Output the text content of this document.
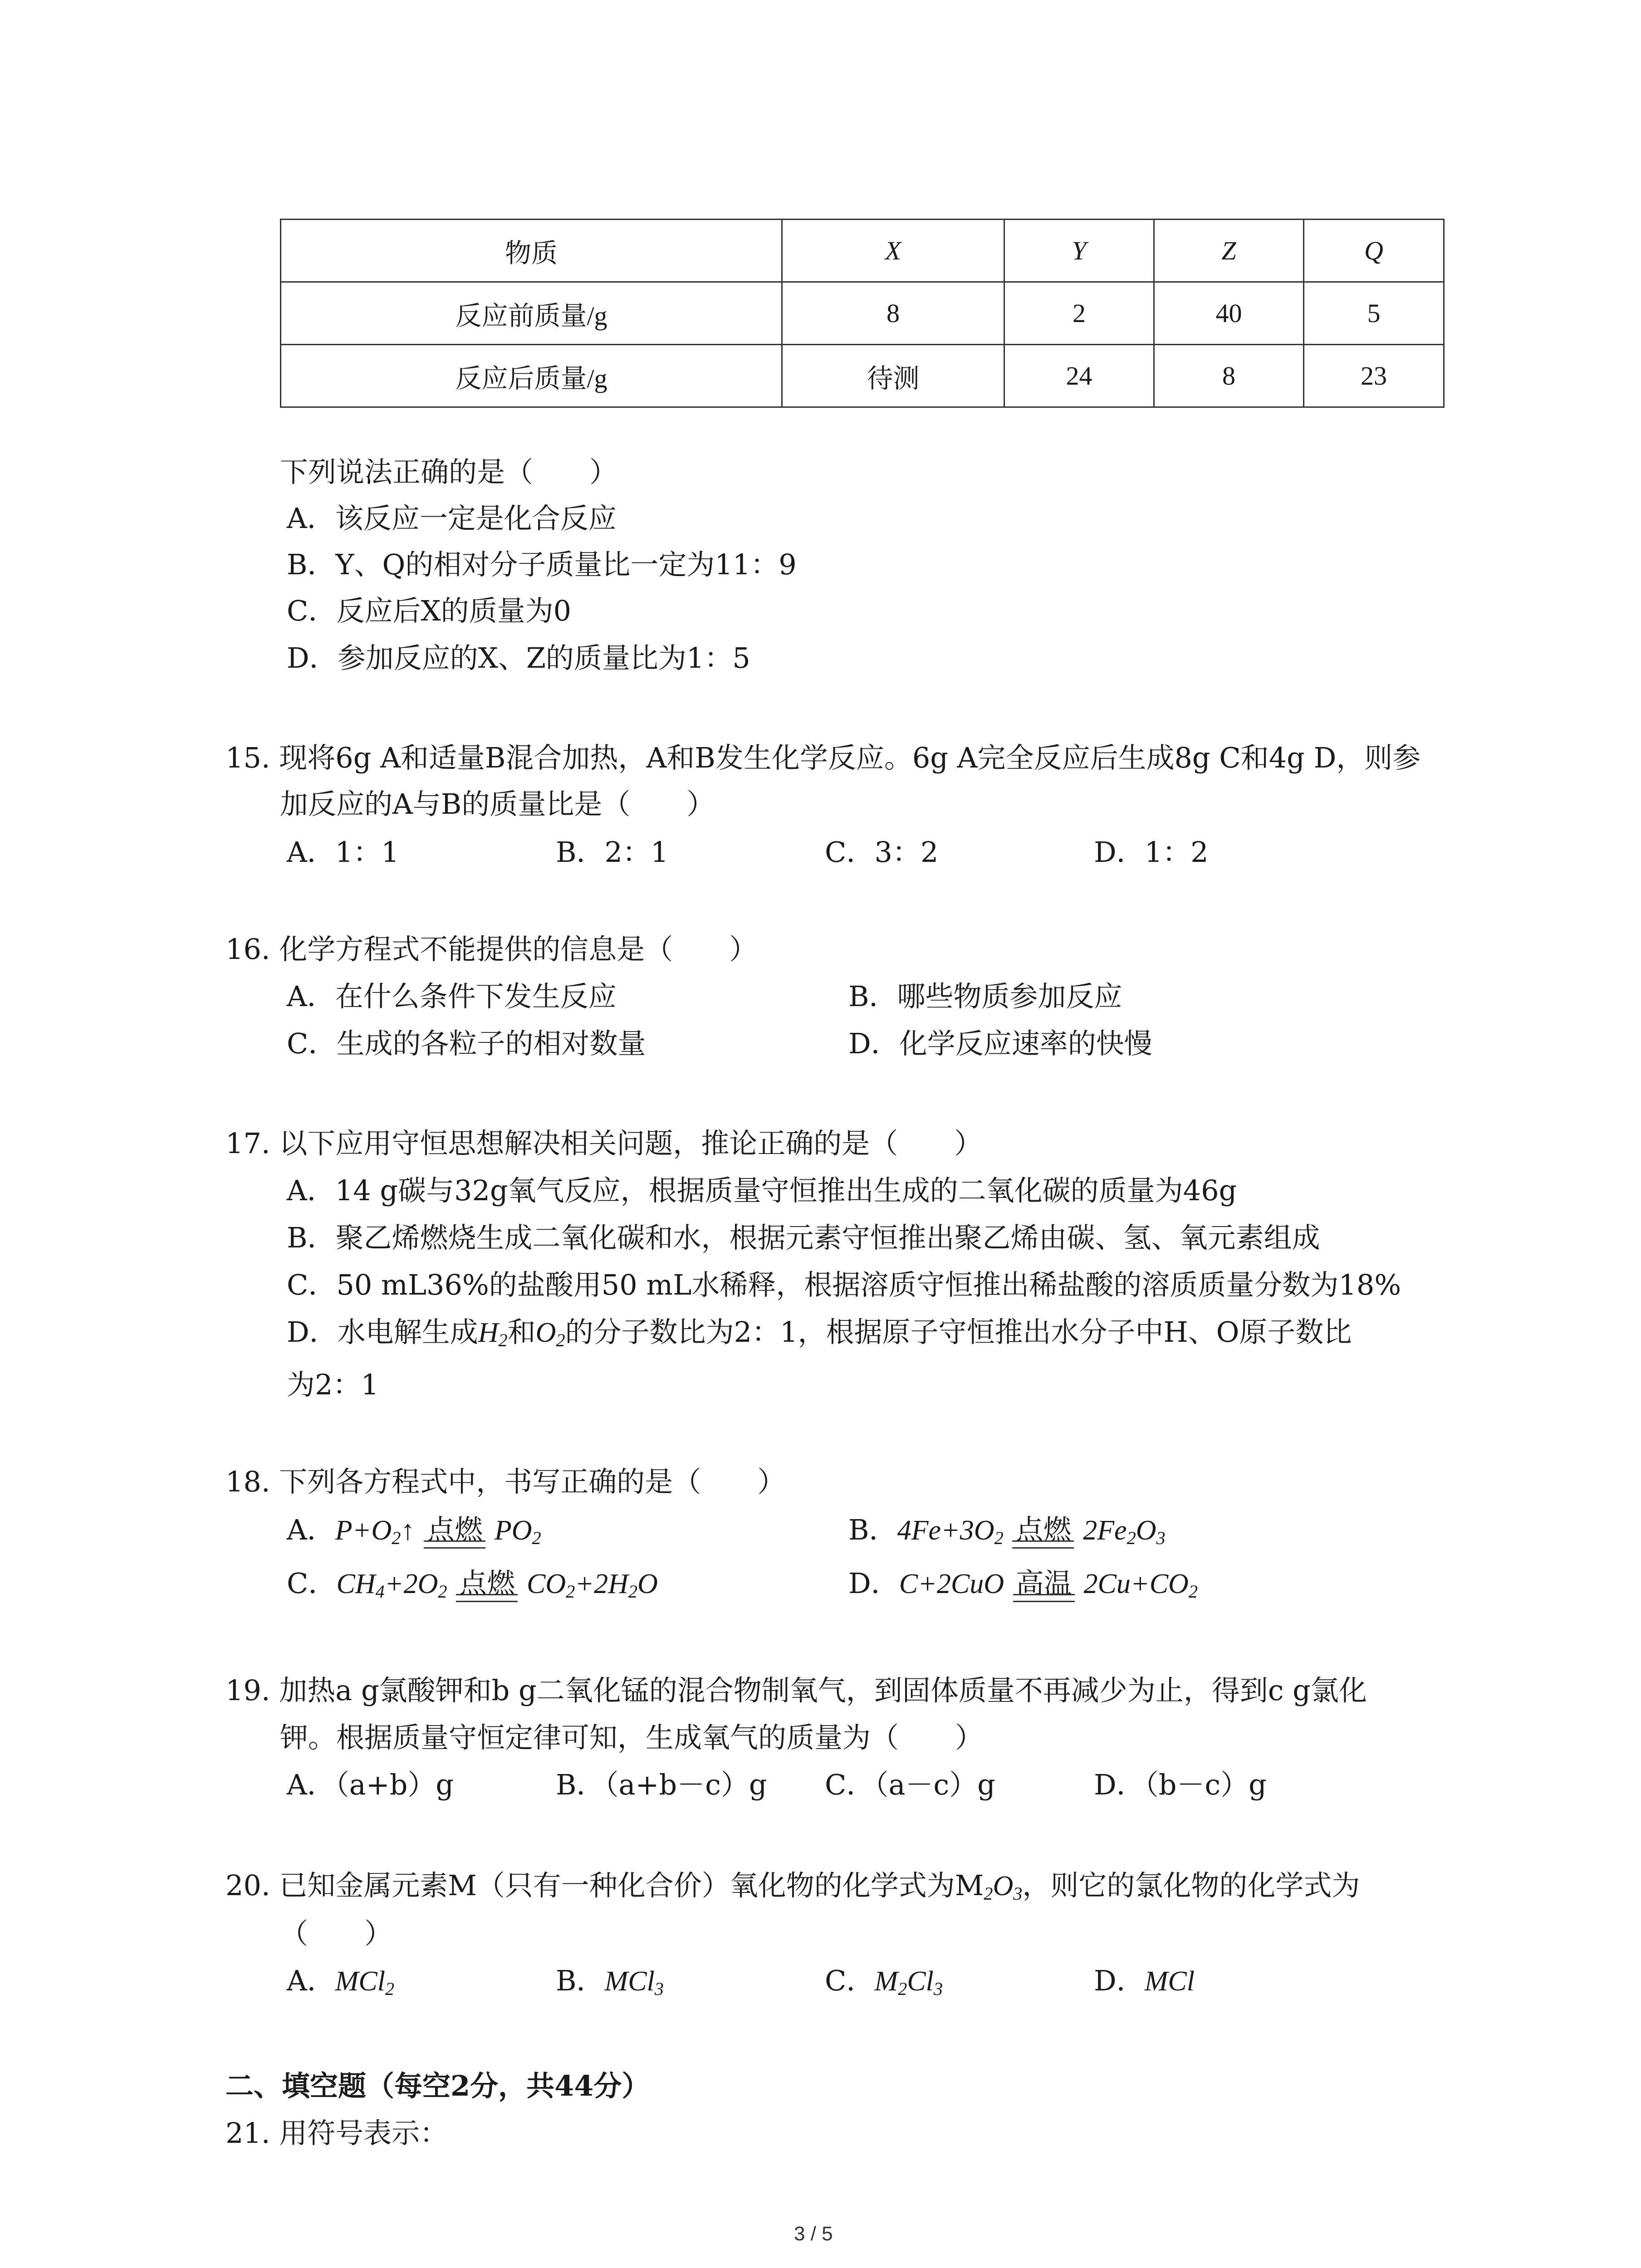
物质	X	Y	Z	Q
反应前质量/g	8	2	40	5
反应后质量/g	待测	24	8	23
下列说法正确的是（　　）
A．该反应一定是化合反应
B．Y、Q的相对分子质量比一定为11：9
C．反应后X的质量为0
D．参加反应的X、Z的质量比为1：5
15. 现将6g A和适量B混合加热，A和B发生化学反应。6g A完全反应后生成8g C和4g D，则参
加反应的A与B的质量比是（　　）
A．1：1	B．2：1	C．3：2	D．1：2
16. 化学方程式不能提供的信息是（　　）
A．在什么条件下发生反应	B．哪些物质参加反应
C．生成的各粒子的相对数量	D．化学反应速率的快慢
17. 以下应用守恒思想解决相关问题，推论正确的是（　　）
A．14 g碳与32g氧气反应，根据质量守恒推出生成的二氧化碳的质量为46g
B．聚乙烯燃烧生成二氧化碳和水，根据元素守恒推出聚乙烯由碳、氢、氧元素组成
C．50 mL36%的盐酸用50 mL水稀释，根据溶质守恒推出稀盐酸的溶质质量分数为18%
D．水电解生成$H_2$和$O_2$的分子数比为2：1，根据原子守恒推出水分子中H、O原子数比
为2：1
18. 下列各方程式中，书写正确的是（　　）
A．$P+O_2↑$ 点燃 $PO_2$	B．$4Fe+3O_2$ 点燃 $2Fe_2O_3$
C．$CH_4+2O_2$ 点燃 $CO_2+2H_2O$	D．C+2CuO 高温 $2Cu+CO_2$
19. 加热a g氯酸钾和b g二氧化锰的混合物制氧气，到固体质量不再减少为止，得到c g氯化
钾。根据质量守恒定律可知，生成氧气的质量为（　　）
A．（a+b）g	B．（a+b－c）g C．（a－c）g	D．（b－c）g
20. 已知金属元素M（只有一种化合价）氧化物的化学式为$M_2O_3$，则它的氯化物的化学式为
（　　）
A．MCl$_2$	B．MCl$_3$	C．$M_2Cl_3$	D．MCl
二、填空题（每空2分，共44分）
21. 用符号表示：
3 / 5
